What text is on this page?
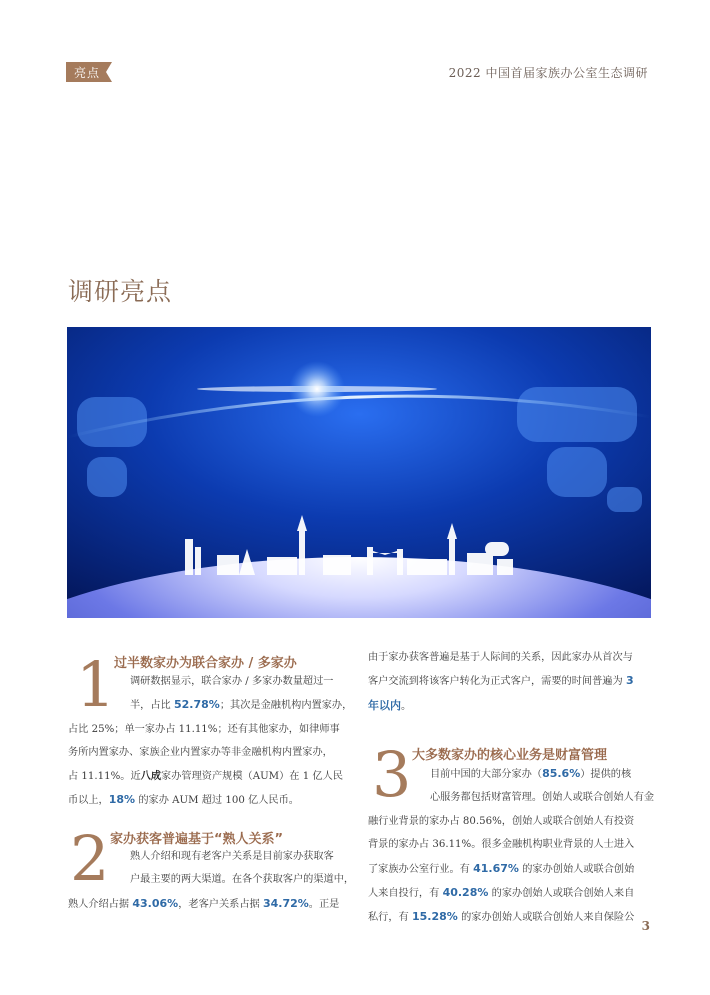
亮点	2022 中国首届家族办公室生态调研
调研亮点
1
过半数家办为联合家办 / 多家办
调研数据显示，联合家办 / 多家办数量超过一
半，占比 52.78%；其次是金融机构内置家办，
占比 25%；单一家办占 11.11%；还有其他家办，如律师事
务所内置家办、家族企业内置家办等非金融机构内置家办，
占 11.11%。近八成家办管理资产规模（AUM）在 1 亿人民
币以上，18% 的家办 AUM 超过 100 亿人民币。
2 家办获客普遍基于“熟人关系”
熟人介绍和现有老客户关系是目前家办获取客
户最主要的两大渠道。在各个获取客户的渠道中，
熟人介绍占据 43.06%，老客户关系占据 34.72%。正是
由于家办获客普遍是基于人际间的关系，因此家办从首次与
客户交流到将该客户转化为正式客户，需要的时间普遍为 3
年以内。
3 大多数家办的核心业务是财富管理
目前中国的大部分家办（85.6%）提供的核
心服务都包括财富管理。创始人或联合创始人有金
融行业背景的家办占 80.56%，创始人或联合创始人有投资
背景的家办占 36.11%。很多金融机构职业背景的人士进入
了家族办公室行业。有 41.67% 的家办创始人或联合创始
人来自投行，有 40.28% 的家办创始人或联合创始人来自
私行，有 15.28% 的家办创始人或联合创始人来自保险公
3
